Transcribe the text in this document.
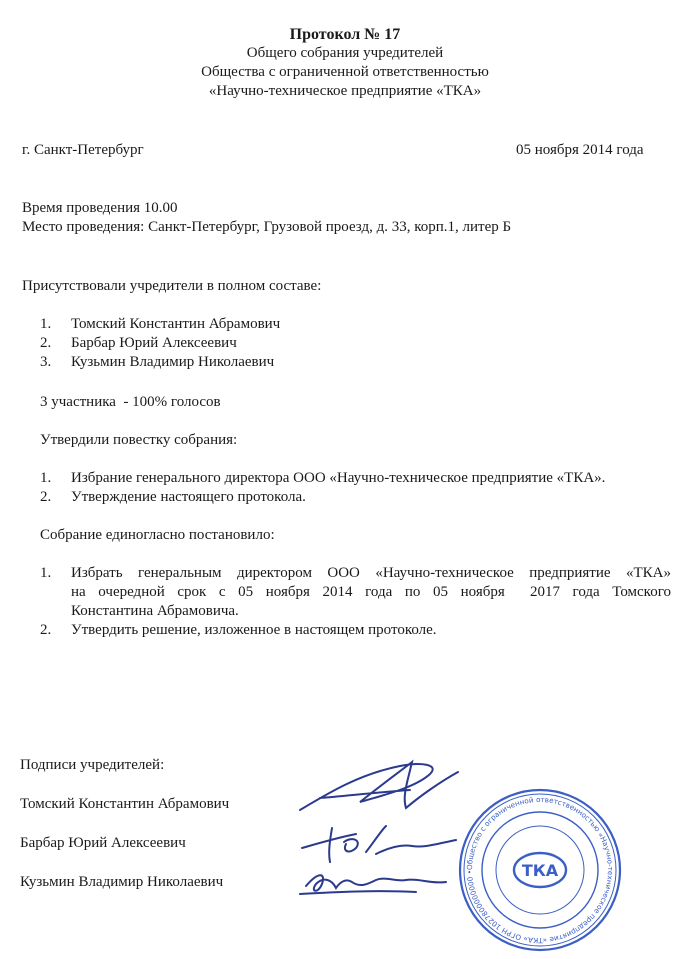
Протокол № 17
Общего собрания учредителей
Общества с ограниченной ответственностью
«Научно-техническое предприятие «ТКА»
г. Санкт-Петербург	05 ноября 2014 года
Время проведения 10.00
Место проведения: Санкт-Петербург, Грузовой проезд, д. 33, корп.1, литер Б
Присутствовали учредители в полном составе:
1. Томский Константин Абрамович
2. Барбар Юрий Алексеевич
3. Кузьмин Владимир Николаевич
3 участника  - 100% голосов
Утвердили повестку собрания:
1. Избрание генерального директора ООО «Научно-техническое предприятие «ТКА».
2. Утверждение настоящего протокола.
Собрание единогласно постановило:
1. Избрать генеральным директором ООО «Научно-техническое предприятие «ТКА»
на очередной срок с 05 ноября 2014 года по 05 ноября  2017 года Томского
Константина Абрамовича.
2. Утвердить решение, изложенное в настоящем протоколе.
Подписи учредителей:
Томский Константин Абрамович
Барбар Юрий Алексеевич
Кузьмин Владимир Николаевич
Общество с ограниченной ответственностью «Научно-техническое предприятие «ТКА» ОГРН 1027800000000 • г.Санкт-Петербург • TKA Scientific Instruments •
ТКА
